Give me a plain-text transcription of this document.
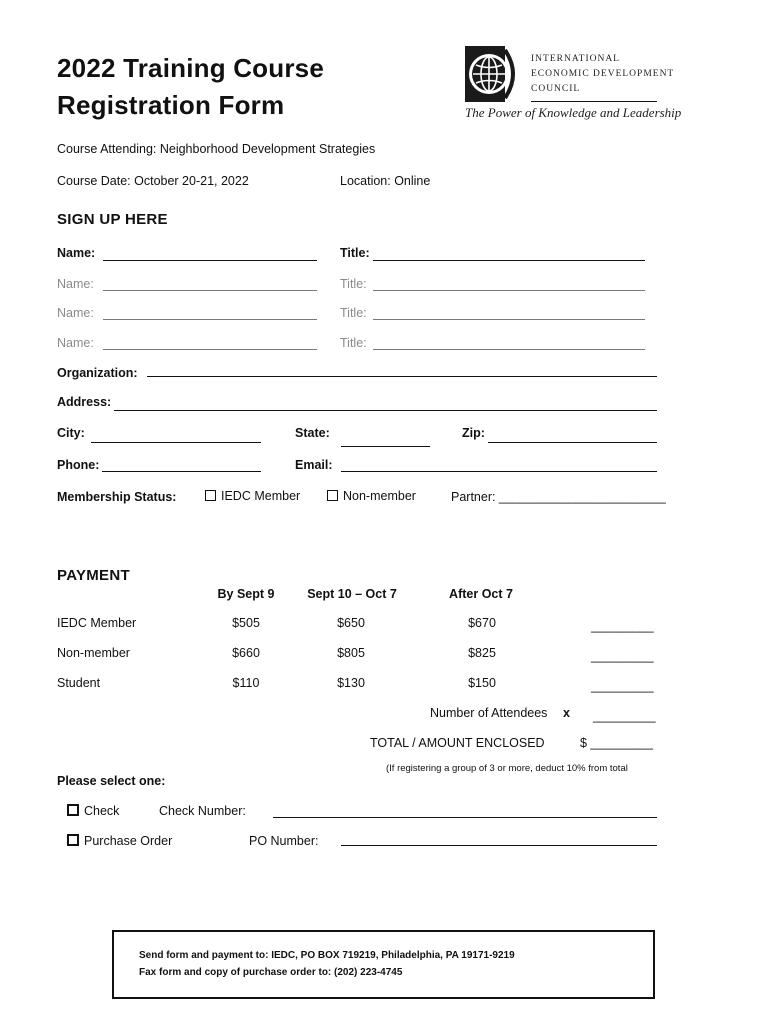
2022 Training Course
Registration Form
INTERNATIONAL
ECONOMIC DEVELOPMENT
COUNCIL
The Power of Knowledge and Leadership
Course Attending: Neighborhood Development Strategies
Course Date: October 20-21, 2022	Location: Online
SIGN UP HERE
Name:	Title:
Name:	Title:
Name:	Title:
Name:	Title:
Organization:
Address:
City:	State:	Zip:
Phone:	Email:
Membership Status:	IEDC Member	Non-member	Partner: ________________________
PAYMENT
By Sept 9	Sept 10 – Oct 7	After Oct 7
IEDC Member	$505	$650	$670	_________
Non-member	$660	$805	$825	_________
Student	$110	$130	$150	_________
Number of Attendees x _________
TOTAL / AMOUNT ENCLOSED	$ _________
(If registering a group of 3 or more, deduct 10% from total
Please select one:
Check	Check Number:
Purchase Order	PO Number:
Send form and payment to: IEDC, PO BOX 719219, Philadelphia, PA 19171-9219
Fax form and copy of purchase order to: (202) 223-4745
